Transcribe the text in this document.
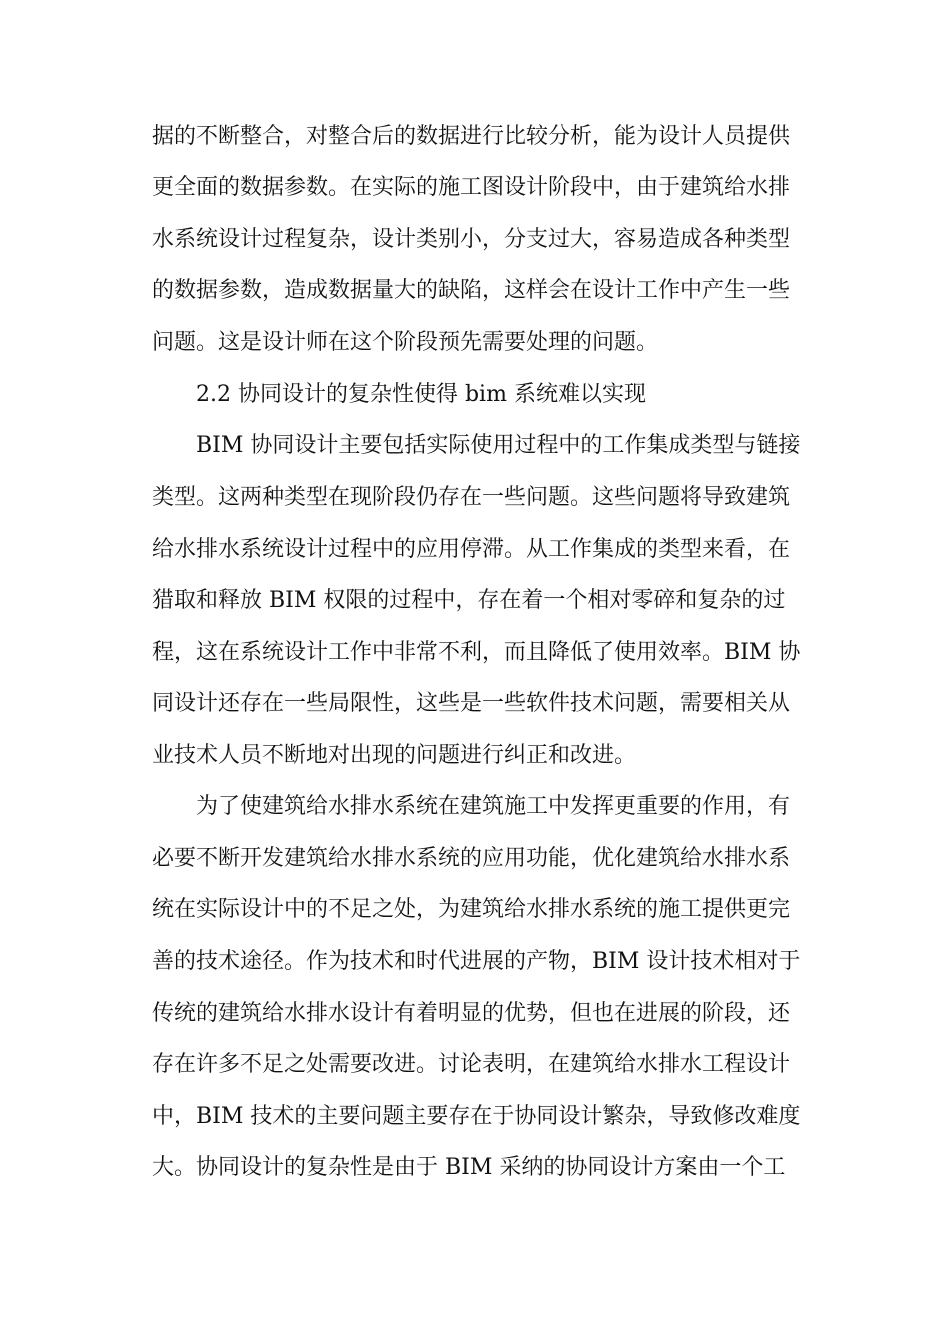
据的不断整合，对整合后的数据进行比较分析，能为设计人员提供
更全面的数据参数。在实际的施工图设计阶段中，由于建筑给水排
水系统设计过程复杂，设计类别小，分支过大，容易造成各种类型
的数据参数，造成数据量大的缺陷，这样会在设计工作中产生一些
问题。这是设计师在这个阶段预先需要处理的问题。
2.2 协同设计的复杂性使得 bim 系统难以实现
BIM 协同设计主要包括实际使用过程中的工作集成类型与链接
类型。这两种类型在现阶段仍存在一些问题。这些问题将导致建筑
给水排水系统设计过程中的应用停滞。从工作集成的类型来看，在
猎取和释放 BIM 权限的过程中，存在着一个相对零碎和复杂的过
程，这在系统设计工作中非常不利，而且降低了使用效率。BIM 协
同设计还存在一些局限性，这些是一些软件技术问题，需要相关从
业技术人员不断地对出现的问题进行纠正和改进。
为了使建筑给水排水系统在建筑施工中发挥更重要的作用，有
必要不断开发建筑给水排水系统的应用功能，优化建筑给水排水系
统在实际设计中的不足之处，为建筑给水排水系统的施工提供更完
善的技术途径。作为技术和时代进展的产物，BIM 设计技术相对于
传统的建筑给水排水设计有着明显的优势，但也在进展的阶段，还
存在许多不足之处需要改进。讨论表明，在建筑给水排水工程设计
中，BIM 技术的主要问题主要存在于协同设计繁杂，导致修改难度
大。协同设计的复杂性是由于 BIM 采纳的协同设计方案由一个工
